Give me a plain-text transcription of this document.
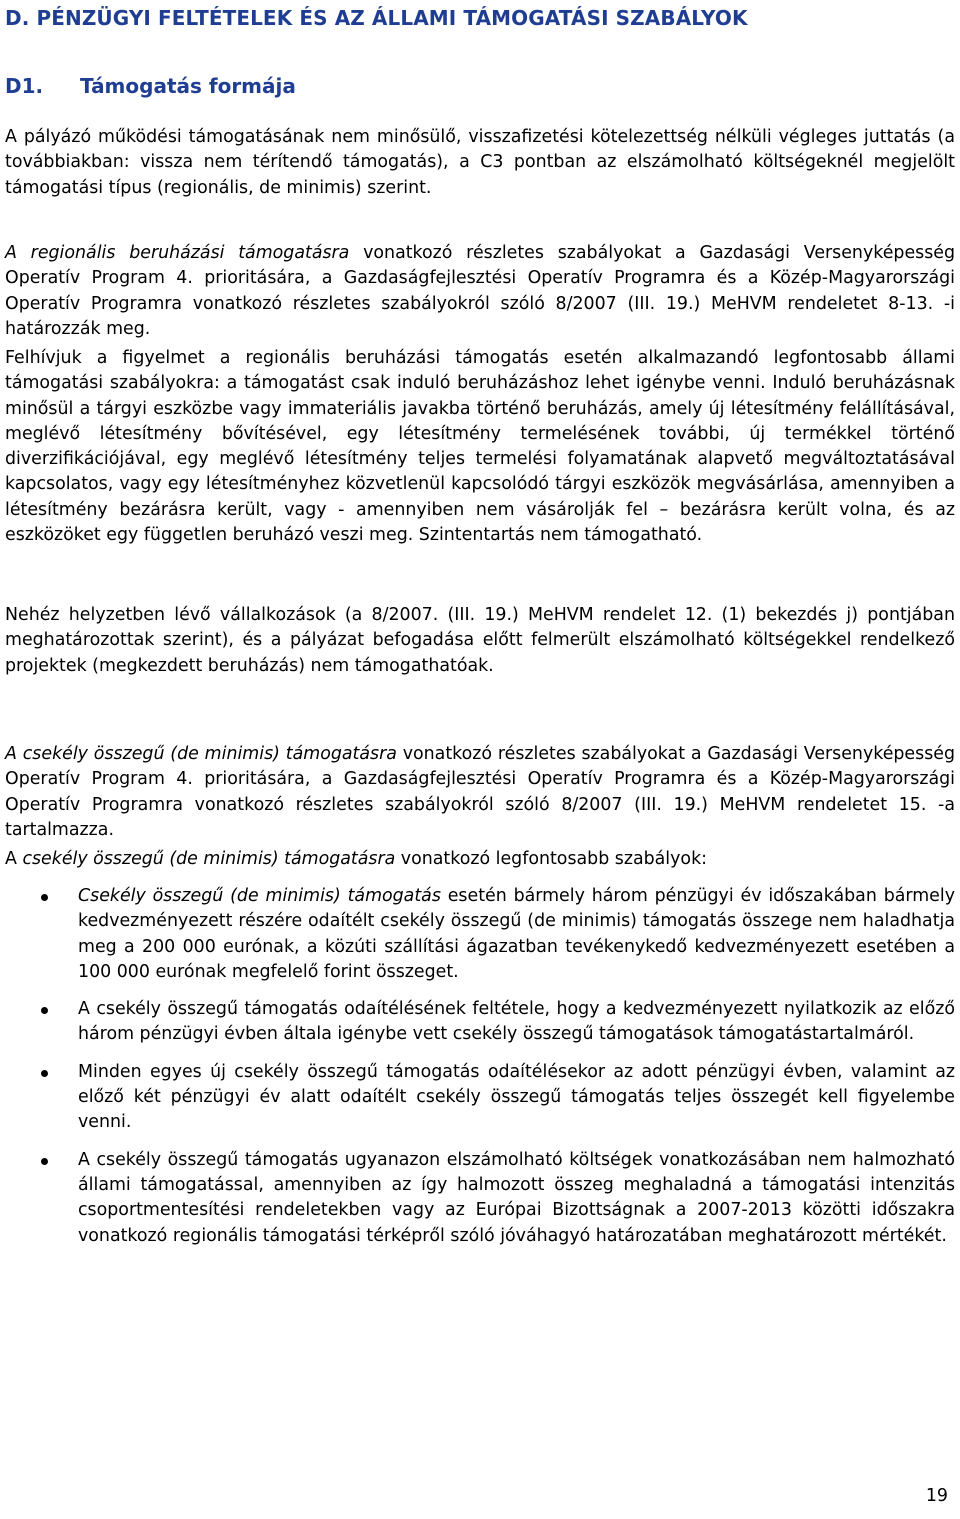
D. PÉNZÜGYI FELTÉTELEK ÉS AZ ÁLLAMI TÁMOGATÁSI SZABÁLYOK
D1. Támogatás formája
A pályázó működési támogatásának nem minősülő, visszafizetési kötelezettség nélküli végleges juttatás (a továbbiakban: vissza nem térítendő támogatás), a C3 pontban az elszámolható költségeknél megjelölt támogatási típus (regionális, de minimis) szerint.
A regionális beruházási támogatásra vonatkozó részletes szabályokat a Gazdasági Versenyképesség Operatív Program 4. prioritására, a Gazdaságfejlesztési Operatív Programra és a Közép-Magyarországi Operatív Programra vonatkozó részletes szabályokról szóló 8/2007 (III. 19.) MeHVM rendeletet 8-13. -i határozzák meg.
Felhívjuk a figyelmet a regionális beruházási támogatás esetén alkalmazandó legfontosabb állami támogatási szabályokra: a támogatást csak induló beruházáshoz lehet igénybe venni. Induló beruházásnak minősül a tárgyi eszközbe vagy immateriális javakba történő beruházás, amely új létesítmény felállításával, meglévő létesítmény bővítésével, egy létesítmény termelésének további, új termékkel történő diverzifikációjával, egy meglévő létesítmény teljes termelési folyamatának alapvető megváltoztatásával kapcsolatos, vagy egy létesítményhez közvetlenül kapcsolódó tárgyi eszközök megvásárlása, amennyiben a létesítmény bezárásra került, vagy - amennyiben nem vásárolják fel – bezárásra került volna, és az eszközöket egy független beruházó veszi meg. Szintentartás nem támogatható.
Nehéz helyzetben lévő vállalkozások (a 8/2007. (III. 19.) MeHVM rendelet 12. (1) bekezdés j) pontjában meghatározottak szerint), és a pályázat befogadása előtt felmerült elszámolható költségekkel rendelkező projektek (megkezdett beruházás) nem támogathatóak.
A csekély összegű (de minimis) támogatásra vonatkozó részletes szabályokat a Gazdasági Versenyképesség Operatív Program 4. prioritására, a Gazdaságfejlesztési Operatív Programra és a Közép-Magyarországi Operatív Programra vonatkozó részletes szabályokról szóló 8/2007 (III. 19.) MeHVM rendeletet 15. -a tartalmazza.
A csekély összegű (de minimis) támogatásra vonatkozó legfontosabb szabályok:
Csekély összegű (de minimis) támogatás esetén bármely három pénzügyi év időszakában bármely kedvezményezett részére odaítélt csekély összegű (de minimis) támogatás összege nem haladhatja meg a 200 000 eurónak, a közúti szállítási ágazatban tevékenykedő kedvezményezett esetében a 100 000 eurónak megfelelő forint összeget.
A csekély összegű támogatás odaítélésének feltétele, hogy a kedvezményezett nyilatkozik az előző három pénzügyi évben általa igénybe vett csekély összegű támogatások támogatástartalmáról.
Minden egyes új csekély összegű támogatás odaítélésekor az adott pénzügyi évben, valamint az előző két pénzügyi év alatt odaítélt csekély összegű támogatás teljes összegét kell figyelembe venni.
A csekély összegű támogatás ugyanazon elszámolható költségek vonatkozásában nem halmozható állami támogatással, amennyiben az így halmozott összeg meghaladná a támogatási intenzitás csoportmentesítési rendeletekben vagy az Európai Bizottságnak a 2007-2013 közötti időszakra vonatkozó regionális támogatási térképről szóló jóváhagyó határozatában meghatározott mértékét.
19
